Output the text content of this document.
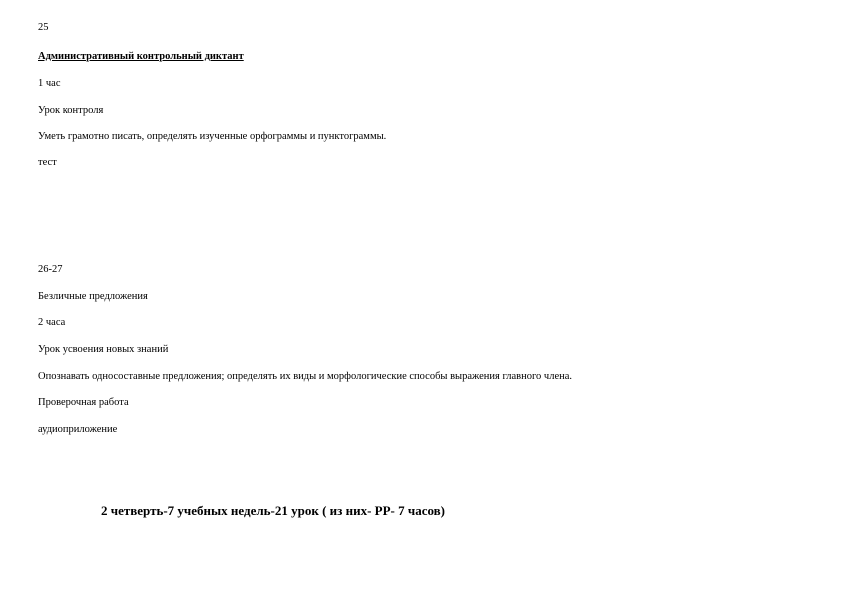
25
Административный контрольный диктант
1 час
Урок контроля
Уметь грамотно писать, определять изученные орфограммы и пунктограммы.
тест
26-27
Безличные предложения
2 часа
Урок усвоения новых знаний
Опознавать односоставные предложения; определять их виды и морфологические способы выражения главного члена.
Проверочная работа
аудиоприложение
2 четверть-7 учебных недель-21 урок ( из них- РР- 7 часов)
